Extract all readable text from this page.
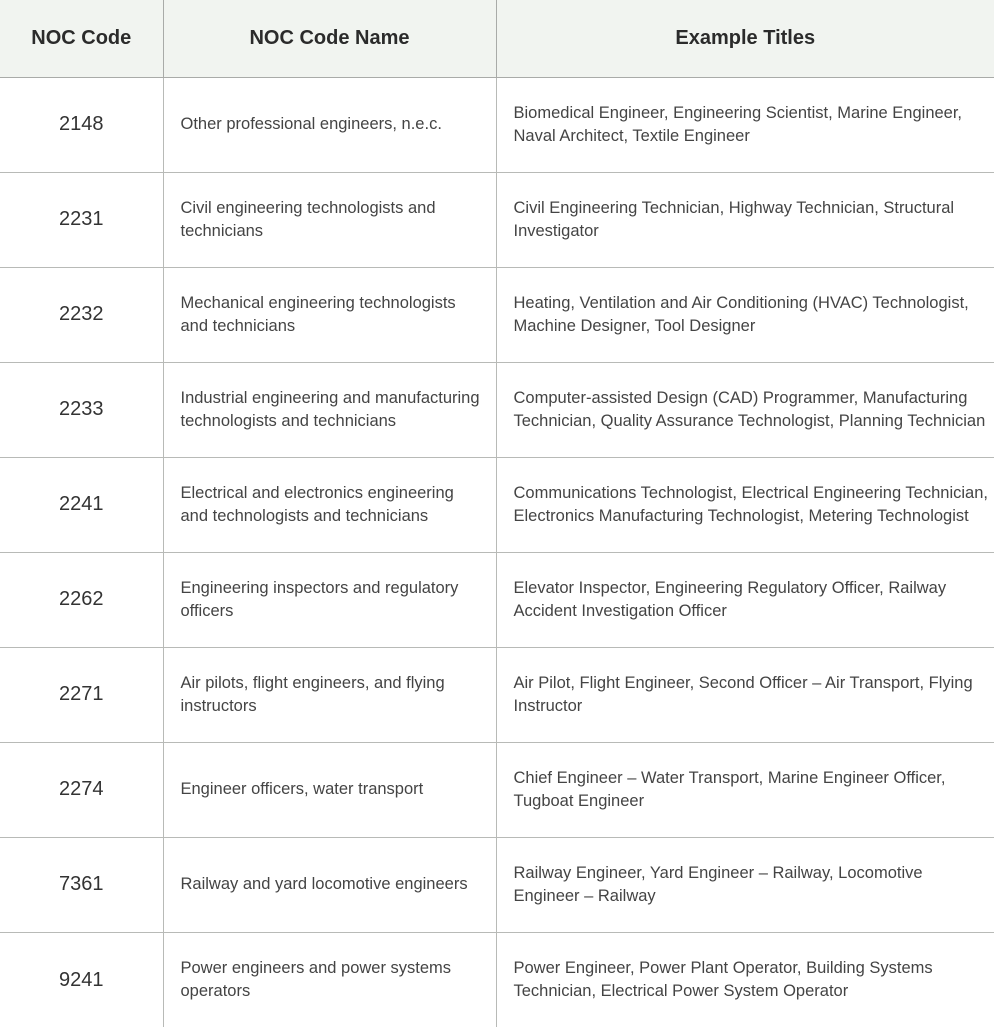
NOC Code	NOC Code Name	Example Titles
2148	Other professional engineers, n.e.c.	Biomedical Engineer, Engineering Scientist, Marine Engineer, Naval Architect, Textile Engineer
2231	Civil engineering technologists and technicians	Civil Engineering Technician, Highway Technician, Structural Investigator
2232	Mechanical engineering technologists and technicians	Heating, Ventilation and Air Conditioning (HVAC) Technologist, Machine Designer, Tool Designer
2233	Industrial engineering and manufacturing technologists and technicians	Computer-assisted Design (CAD) Programmer, Manufacturing Technician, Quality Assurance Technologist, Planning Technician
2241	Electrical and electronics engineering and technologists and technicians	Communications Technologist, Electrical Engineering Technician, Electronics Manufacturing Technologist, Metering Technologist
2262	Engineering inspectors and regulatory officers	Elevator Inspector, Engineering Regulatory Officer, Railway Accident Investigation Officer
2271	Air pilots, flight engineers, and flying instructors	Air Pilot, Flight Engineer, Second Officer – Air Transport, Flying Instructor
2274	Engineer officers, water transport	Chief Engineer – Water Transport, Marine Engineer Officer, Tugboat Engineer
7361	Railway and yard locomotive engineers	Railway Engineer, Yard Engineer – Railway, Locomotive Engineer – Railway
9241	Power engineers and power systems operators	Power Engineer, Power Plant Operator, Building Systems Technician, Electrical Power System Operator
